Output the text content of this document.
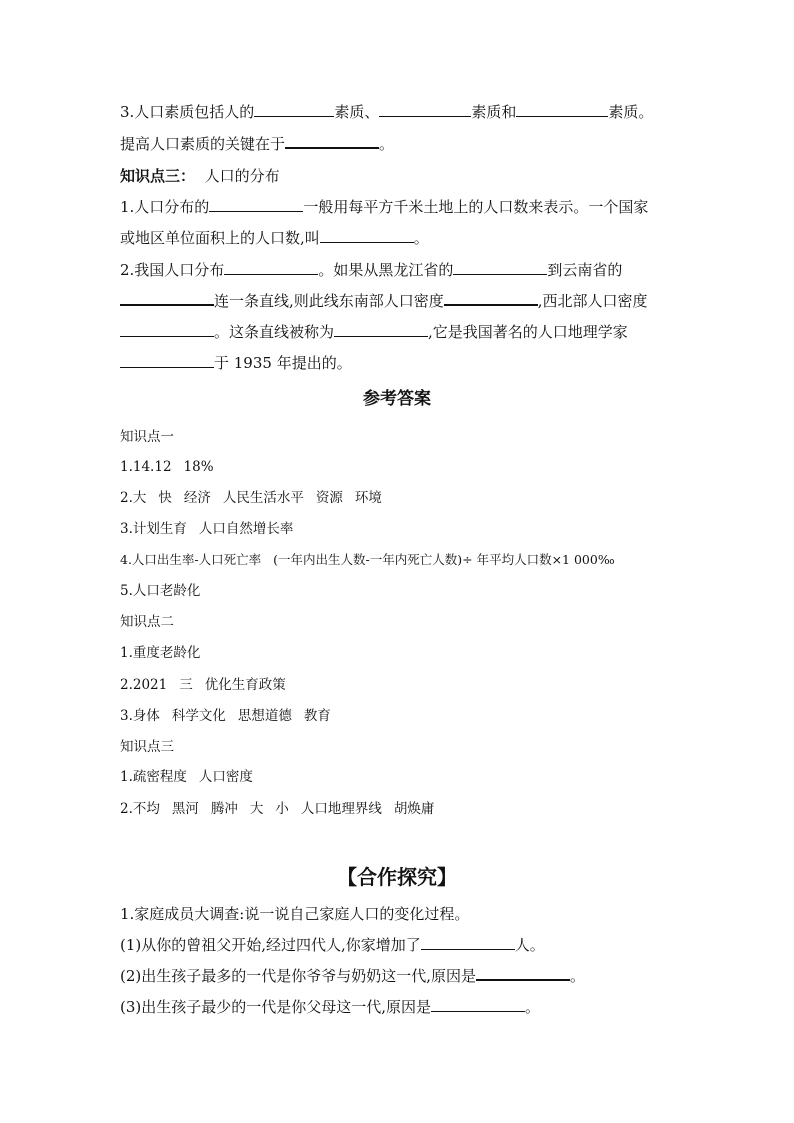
3.人口素质包括人的	素质、	素质和	素质。
提高人口素质的关键在于	。
知识点三： 人口的分布
1.人口分布的	一般用每平方千米土地上的人口数来表示。一个国家
或地区单位面积上的人口数,叫	。
2.我国人口分布	。如果从黑龙江省的	到云南省的
连一条直线,则此线东南部人口密度	,西北部人口密度
。这条直线被称为	,它是我国著名的人口地理学家
于 1935 年提出的。
参考答案
知识点一
1.14.12 18%
2.大 快 经济 人民生活水平 资源 环境
3.计划生育 人口自然增长率
4.人口出生率-人口死亡率 (一年内出生人数-一年内死亡人数)÷ 年平均人口数×1 000‰
5.人口老龄化
知识点二
1.重度老龄化
2.2021 三 优化生育政策
3.身体 科学文化 思想道德 教育
知识点三
1.疏密程度 人口密度
2.不均 黑河 腾冲 大 小 人口地理界线 胡焕庸
【合作探究】
1.家庭成员大调查:说一说自己家庭人口的变化过程。
(1)从你的曾祖父开始,经过四代人,你家增加了	人。
(2)出生孩子最多的一代是你爷爷与奶奶这一代,原因是	。
(3)出生孩子最少的一代是你父母这一代,原因是	。
